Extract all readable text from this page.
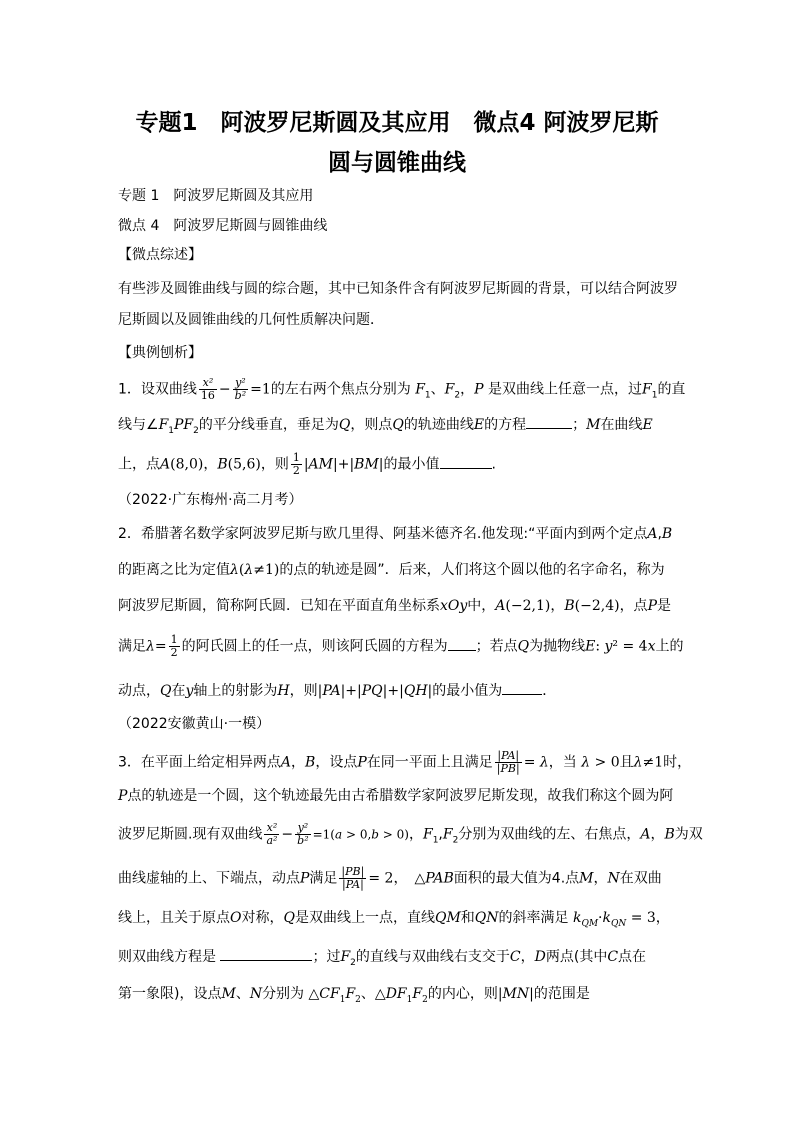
专题1　阿波罗尼斯圆及其应用　微点4 阿波罗尼斯
圆与圆锥曲线
专题 1　阿波罗尼斯圆及其应用
微点 4　阿波罗尼斯圆与圆锥曲线
【微点综述】
有些涉及圆锥曲线与圆的综合题，其中已知条件含有阿波罗尼斯圆的背景，可以结合阿波罗
尼斯圆以及圆锥曲线的几何性质解决问题．
【典例刨析】
1．设双曲线 $\frac{\text{x²}}{16} - \frac{\text{y²}}{\text{b²}} =1$的左右两个焦点分别为 $F_1$、$F_2$，P 是双曲线上任意一点，过$F_1$的直
线与$\angle F_1PF_2$的平分线垂直，垂足为Q，则点Q的轨迹曲线E的方程	；M在曲线E
上，点A(8,0)，B(5,6)，则 $\frac{1}{2} |AM|+|BM|$的最小值	.
（2022·广东梅州·高二月考）
2．希腊著名数学家阿波罗尼斯与欧几里得、阿基米德齐名.他发现:“平面内到两个定点A,B
的距离之比为定值λ(λ≠1)的点的轨迹是圆”．后来，人们将这个圆以他的名字命名，称为
阿波罗尼斯圆，简称阿氏圆．已知在平面直角坐标系xOy中，A(−2,1)，B(−2,4)，点P是
满足$\lambda= \frac{1}{2}$ 的阿氏圆上的任一点，则该阿氏圆的方程为 ；若点Q为抛物线E: y² = 4x上的
动点，Q在y轴上的射影为H，则|PA|+|PQ|+|QH|的最小值为	．
（2022安徽黄山·一模）
3．在平面上给定相异两点A，B，设点P在同一平面上且满足 $\frac{|PA|}{|PB|} = \lambda$，当 λ > 0且λ≠1时，
P点的轨迹是一个圆，这个轨迹最先由古希腊数学家阿波罗尼斯发现，故我们称这个圆为阿
波罗尼斯圆.现有双曲线 $\frac{\text{x²}}{\text{a²}} - \frac{\text{y²}}{\text{b²}} =1(a > 0,b > 0)$，$F_1,F_2$分别为双曲线的左、右焦点，A，B为双
曲线虚轴的上、下端点，动点P满足 $\frac{|PB|}{|PA|} = 2$，　△PAB面积的最大值为4.点M，N在双曲
线上，且关于原点O对称，Q是双曲线上一点，直线QM和QN的斜率满足 $k_{QM}\cdot k_{QN} = 3$，
则双曲线方程是	；过$F_2$的直线与双曲线右支交于C，D两点(其中C点在
第一象限)，设点M、N分别为 $\triangle CF_1F_2$、$\triangle DF_1F_2$的内心，则|MN|的范围是
